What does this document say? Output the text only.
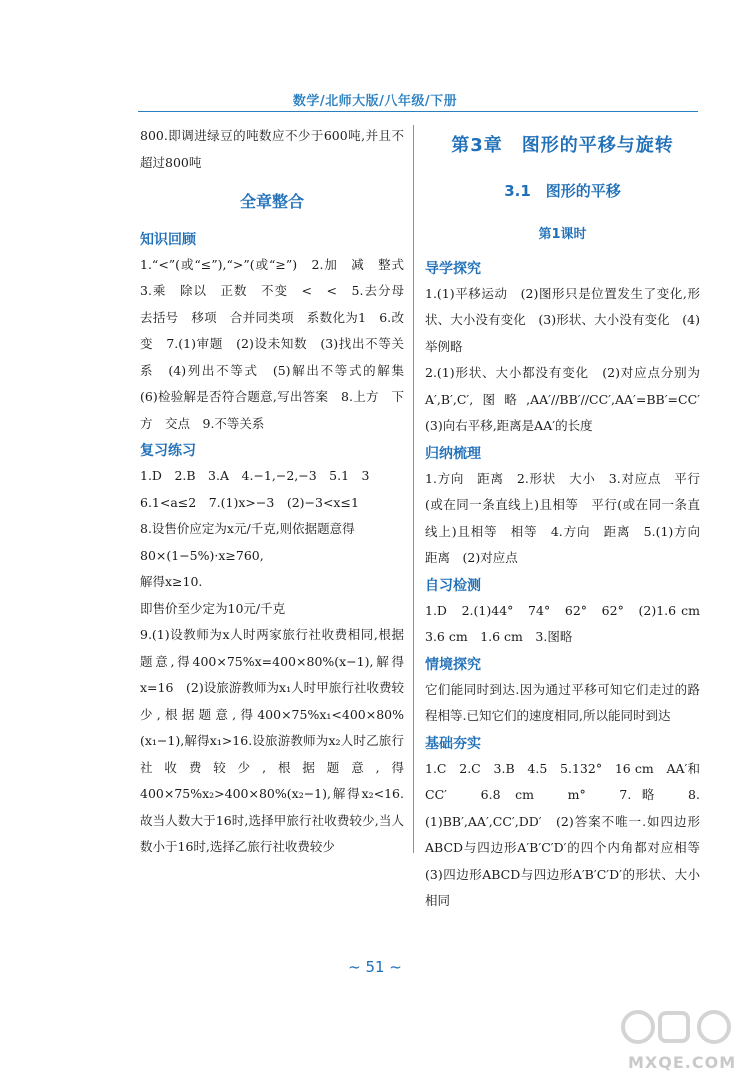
数学/北师大版/八年级/下册

800.即调进绿豆的吨数应不少于600吨,并且不超过800吨

全章整合
知识回顾

1.“<”(或“≤”),“>”(或“≥”)　2.加　减　整式　3.乘　除以　正数　不变　<　<　5.去分母　去括号　移项　合并同类项　系数化为1　6.改变　7.(1)审题　(2)设未知数　(3)找出不等关系　(4)列出不等式　(5)解出不等式的解集　(6)检验解是否符合题意,写出答案　8.上方　下方　交点　9.不等关系

复习练习

1.D　2.B　3.A　4.−1,−2,−3　5.1　3

6.1<a≤2　7.(1)x>−3　(2)−3<x≤1

8.设售价应定为x元/千克,则依据题意得

80×(1−5%)·x≥760,

解得x≥10.

即售价至少定为10元/千克

9.(1)设教师为x人时两家旅行社收费相同,根据题意,得400×75%x=400×80%(x−1),解得x=16　(2)设旅游教师为x₁人时甲旅行社收费较少,根据题意,得400×75%x₁<400×80%(x₁−1),解得x₁>16.设旅游教师为x₂人时乙旅行社收费较少,根据题意,得400×75%x₂>400×80%(x₂−1),解得x₂<16.故当人数大于16时,选择甲旅行社收费较少,当人数小于16时,选择乙旅行社收费较少

第3章　图形的平移与旋转
3.1　图形的平移
第1课时
导学探究

1.(1)平移运动　(2)图形只是位置发生了变化,形状、大小没有变化　(3)形状、大小没有变化　(4)举例略

2.(1)形状、大小都没有变化　(2)对应点分别为A′,B′,C′,图略,AA′//BB′//CC′,AA′=BB′=CC′　(3)向右平移,距离是AA′的长度

归纳梳理

1.方向　距离　2.形状　大小　3.对应点　平行(或在同一条直线上)且相等　平行(或在同一条直线上)且相等　相等　4.方向　距离　5.(1)方向　距离　(2)对应点

自习检测

1.D　2.(1)44°　74°　62°　62°　(2)1.6 cm　3.6 cm　1.6 cm　3.图略

情境探究

它们能同时到达.因为通过平移可知它们走过的路程相等.已知它们的速度相同,所以能同时到达

基础夯实

1.C　2.C　3.B　4.5　5.132°　16 cm　AA′和CC′　6.8 cm　m°　7.略　8.(1)BB′,AA′,CC′,DD′　(2)答案不唯一.如四边形ABCD与四边形A′B′C′D′的四个内角都对应相等　(3)四边形ABCD与四边形A′B′C′D′的形状、大小相同

~ 51 ~
MXQE.COM
